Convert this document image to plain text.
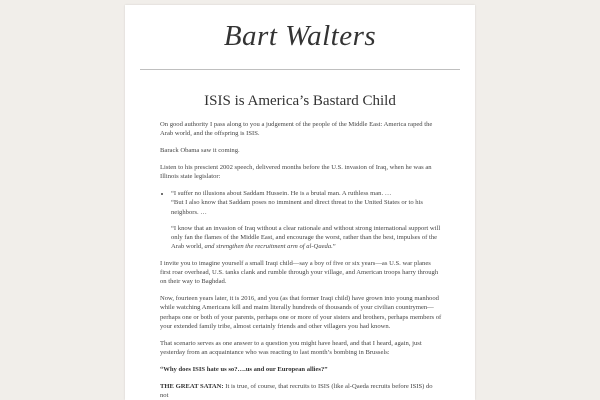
Bart Walters
ISIS is America’s Bastard Child

On good authority I pass along to you a judgement of the people of the Middle East: America raped the Arab world, and the offspring is ISIS.

Barack Obama saw it coming.

Listen to his prescient 2002 speech, delivered months before the U.S. invasion of Iraq, when he was an Illinois state legislator:

• “I suffer no illusions about Saddam Hussein. He is a brutal man. A ruthless man. …
“But I also know that Saddam poses no imminent and direct threat to the United States or to his neighbors. …

“I know that an invasion of Iraq without a clear rationale and without strong international support will only fan the flames of the Middle East, and encourage the worst, rather than the best, impulses of the Arab world, and strengthen the recruitment arm of al-Qaeda.”

I invite you to imagine yourself a small Iraqi child—say a boy of five or six years—as U.S. war planes first roar overhead, U.S. tanks clank and rumble through your village, and American troops harry through on their way to Baghdad.

Now, fourteen years later, it is 2016, and you (as that former Iraqi child) have grown into young manhood while watching Americans kill and maim literally hundreds of thousands of your civilian countrymen—perhaps one or both of your parents, perhaps one or more of your sisters and brothers, perhaps members of your extended family tribe, almost certainly friends and other villagers you had known.

That scenario serves as one answer to a question you might have heard, and that I heard, again, just yesterday from an acquaintance who was reacting to last month’s bombing in Brussels:

“Why does ISIS hate us so?….us and our European allies?”

THE GREAT SATAN: It is true, of course, that recruits to ISIS (like al-Qaeda recruits before ISIS) do not
